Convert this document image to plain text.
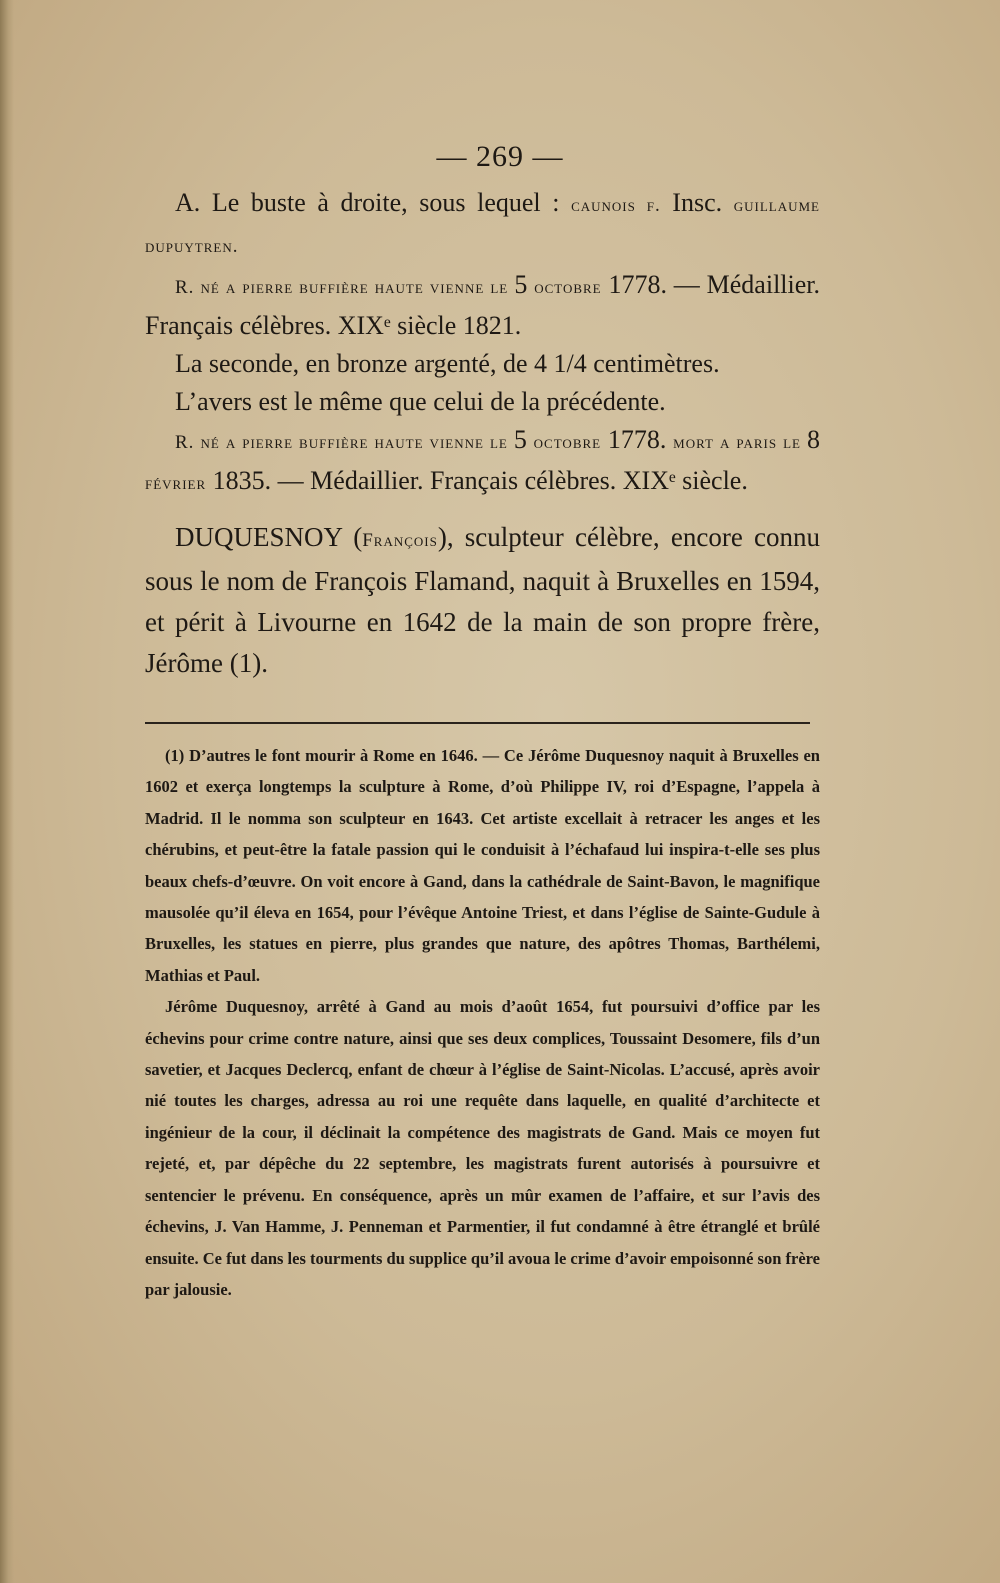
— 269 —

A. Le buste à droite, sous lequel : caunois f. Insc. guillaume dupuytren.

R. né a pierre buffière haute vienne le 5 octobre 1778. — Médaillier. Français célèbres. XIXᵉ siècle 1821.

La seconde, en bronze argenté, de 4 1/4 centimètres.

L’avers est le même que celui de la précédente.

R. né a pierre buffière haute vienne le 5 octobre 1778. mort a paris le 8 février 1835. — Médaillier. Français célèbres. XIXᵉ siècle.

DUQUESNOY (François), sculpteur célèbre, encore connu sous le nom de François Flamand, naquit à Bruxelles en 1594, et périt à Livourne en 1642 de la main de son propre frère, Jérôme (1).

(1) D’autres le font mourir à Rome en 1646. — Ce Jérôme Duquesnoy naquit à Bruxelles en 1602 et exerça longtemps la sculpture à Rome, d’où Philippe IV, roi d’Espagne, l’appela à Madrid. Il le nomma son sculpteur en 1643. Cet artiste excellait à retracer les anges et les chérubins, et peut-être la fatale passion qui le conduisit à l’échafaud lui inspira-t-elle ses plus beaux chefs-d’œuvre. On voit encore à Gand, dans la cathédrale de Saint-Bavon, le magnifique mausolée qu’il éleva en 1654, pour l’évêque Antoine Triest, et dans l’église de Sainte-Gudule à Bruxelles, les statues en pierre, plus grandes que nature, des apôtres Thomas, Barthélemi, Mathias et Paul.

Jérôme Duquesnoy, arrêté à Gand au mois d’août 1654, fut poursuivi d’office par les échevins pour crime contre nature, ainsi que ses deux complices, Toussaint Desomere, fils d’un savetier, et Jacques Declercq, enfant de chœur à l’église de Saint-Nicolas. L’accusé, après avoir nié toutes les charges, adressa au roi une requête dans laquelle, en qualité d’architecte et ingénieur de la cour, il déclinait la compétence des magistrats de Gand. Mais ce moyen fut rejeté, et, par dépêche du 22 septembre, les magistrats furent autorisés à poursuivre et sentencier le prévenu. En conséquence, après un mûr examen de l’affaire, et sur l’avis des échevins, J. Van Hamme, J. Penneman et Parmentier, il fut condamné à être étranglé et brûlé ensuite. Ce fut dans les tourments du supplice qu’il avoua le crime d’avoir empoisonné son frère par jalousie.
